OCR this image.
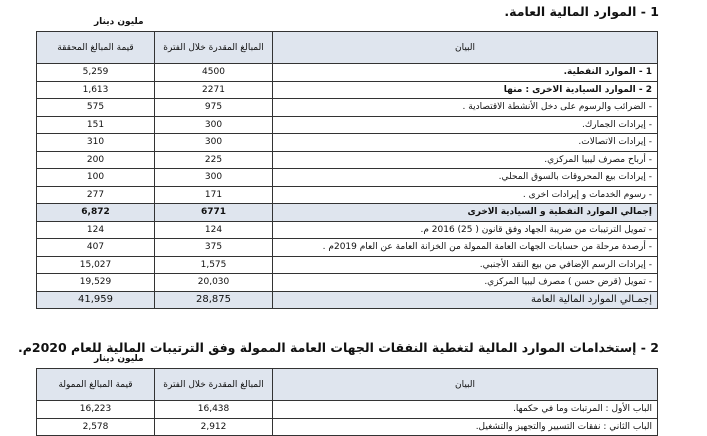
1 - الموارد المالية العامة.
مليون دينار
قيمة المبالغ المحققة	المبالغ المقدرة خلال الفترة	البيان
5,259	4500	1 - الموارد النفطية.
1,613	2271	2 - الموارد السيادية الاخرى : منها
575	975	- الضرائب والرسوم على دخل الأنشطة الاقتصادية .
151	300	- إيرادات الجمارك.
310	300	- إيرادات الاتصالات.
200	225	- أرباح مصرف ليبيا المركزي.
100	300	- إيرادات بيع المحروقات بالسوق المحلي.
277	171	- رسوم الخدمات و إيرادات اخرى .
6,872	6771	إجمالي الموارد النفطية و السيادية الاخرى
124	124	- تمويل الترتيبات من ضريبة الجهاد وفق قانون ( 25) 2016 م.
407	375	- أرصدة مرحلة من حسابات الجهات العامة الممولة من الخزانة العامة عن العام 2019م .
15,027	1,575	- إيرادات الرسم الإضافي من بيع النقد الأجنبي.
19,529	20,030	- تمويل (قرض حسن ) مصرف ليبيا المركزي.
41,959	28,875	إجمـالي الموارد المالية العامة
2 - إستخدامات الموارد المالية لتغطية النفقات الجهات العامة الممولة وفق الترتيبات المالية للعام 2020م.
مليون دينار
قيمة المبالغ الممولة	المبالغ المقدرة خلال الفترة	البيان
16,223	16,438	الباب الأول : المرتبات وما في حكمها.
2,578	2,912	الباب الثاني : نفقات التسيير والتجهيز والتشغيل.
